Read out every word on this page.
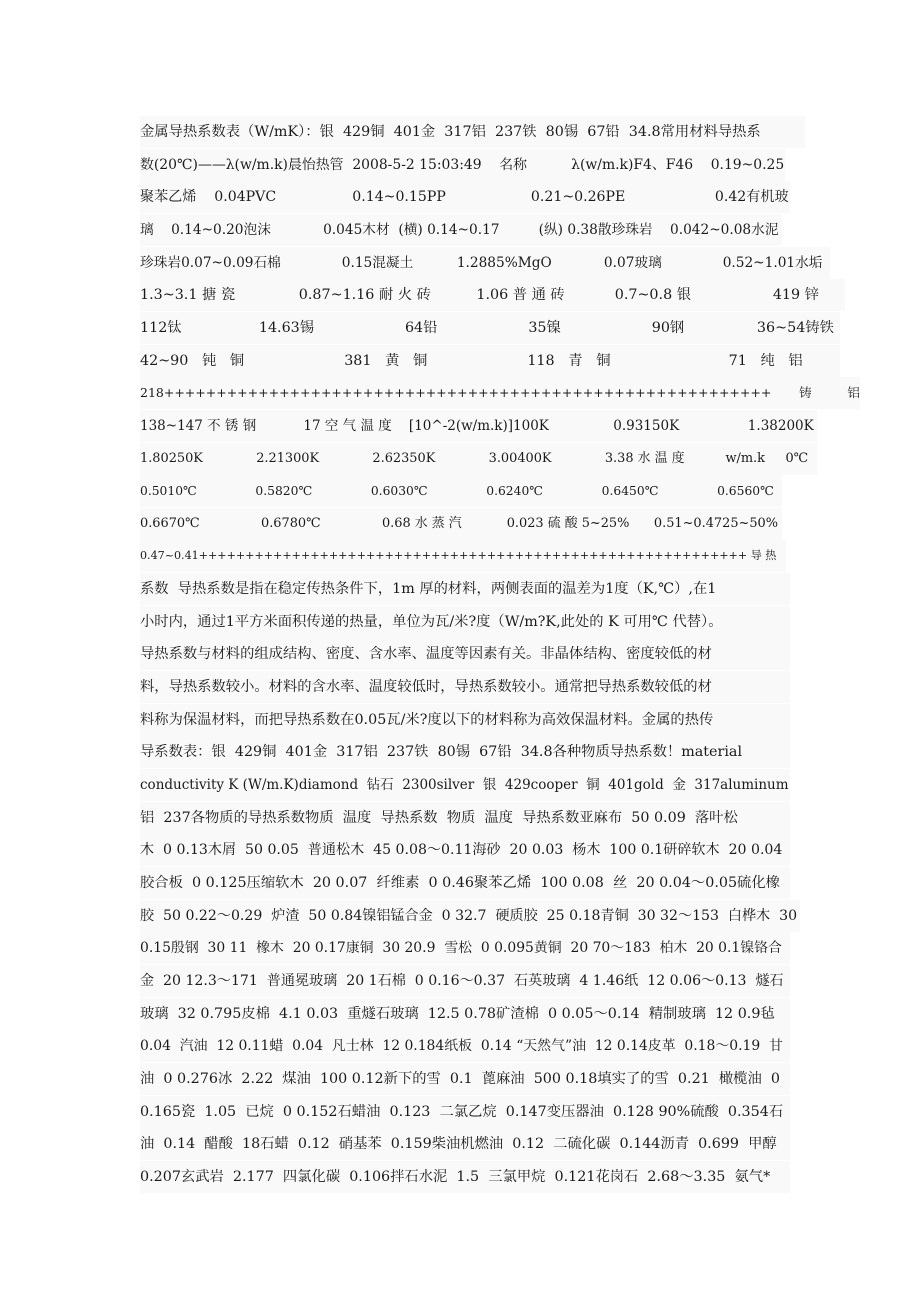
金属导热系数表（W/mK）：银  429铜  401金  317铝  237铁  80锡  67铅  34.8常用材料导热系
数(20℃)——λ(w/m.k)晨怡热管  2008-5-2 15:03:49    名称          λ(w/m.k)F4、F46    0.19~0.25
聚苯乙烯    0.04PVC                 0.14~0.15PP                   0.21~0.26PE                    0.42有机玻
璃    0.14~0.20泡沫            0.045木材  (横) 0.14~0.17         (纵) 0.38散珍珠岩    0.042~0.08水泥
珍珠岩0.07~0.09石棉              0.15混凝土          1.2885%MgO            0.07玻璃              0.52~1.01水垢
1.3~3.1 搪 瓷              0.87~1.16 耐 火 砖          1.06 普 通 砖           0.7~0.8 银                  419 锌
112钛                 14.63锡                    64铅                    35镍                    90钢                36~54铸铁
42~90   钝   铜                      381   黄   铜                      118   青   铜                          71   纯   铝
218++++++++++++++++++++++++++++++++++++++++++++++++++++++++++       铸         铝
138~147 不 锈 钢           17 空 气 温 度    [10^-2(w/m.k)]100K               0.93150K                1.38200K
1.80250K             2.21300K             2.62350K             3.00400K             3.38 水 温 度          w/m.k     0℃
0.5010℃               0.5820℃               0.6030℃               0.6240℃               0.6450℃               0.6560℃
0.6670℃               0.6780℃               0.68 水 蒸 汽           0.023 硫 酸 5~25%      0.51~0.4725~50%
0.47~0.41+++++++++++++++++++++++++++++++++++++++++++++++++++++++++++ 导 热
系数  导热系数是指在稳定传热条件下，1m 厚的材料，两侧表面的温差为1度（K,℃）,在1
小时内，通过1平方米面积传递的热量，单位为瓦/米?度（W/m?K,此处的 K 可用℃ 代替）。
导热系数与材料的组成结构、密度、含水率、温度等因素有关。非晶体结构、密度较低的材
料，导热系数较小。材料的含水率、温度较低时，导热系数较小。通常把导热系数较低的材
料称为保温材料，而把导热系数在0.05瓦/米?度以下的材料称为高效保温材料。金属的热传
导系数表：银  429铜  401金  317铝  237铁  80锡  67铅  34.8各种物质导热系数！material
conductivity K (W/m.K)diamond  钻石  2300silver  银  429cooper  铜  401gold  金  317aluminum
铝  237各物质的导热系数物质  温度  导热系数  物质  温度  导热系数亚麻布  50 0.09  落叶松
木  0 0.13木屑  50 0.05  普通松木  45 0.08～0.11海砂  20 0.03  杨木  100 0.1研碎软木  20 0.04
胶合板  0 0.125压缩软木  20 0.07  纤维素  0 0.46聚苯乙烯  100 0.08  丝  20 0.04～0.05硫化橡
胶  50 0.22～0.29  炉渣  50 0.84镍铝锰合金  0 32.7  硬质胶  25 0.18青铜  30 32～153  白桦木  30
0.15殷钢  30 11  橡木  20 0.17康铜  30 20.9  雪松  0 0.095黄铜  20 70～183  柏木  20 0.1镍铬合
金  20 12.3～171  普通冕玻璃  20 1石棉  0 0.16～0.37  石英玻璃  4 1.46纸  12 0.06～0.13  燧石
玻璃  32 0.795皮棉  4.1 0.03  重燧石玻璃  12.5 0.78矿渣棉  0 0.05～0.14  精制玻璃  12 0.9毡
0.04  汽油  12 0.11蜡  0.04  凡士林  12 0.184纸板  0.14 “天然气”油  12 0.14皮革  0.18～0.19  甘
油  0 0.276冰  2.22  煤油  100 0.12新下的雪  0.1  蓖麻油  500 0.18填实了的雪  0.21  橄榄油  0
0.165瓷  1.05  已烷  0 0.152石蜡油  0.123  二氯乙烷  0.147变压器油  0.128 90%硫酸  0.354石
油  0.14  醋酸  18石蜡  0.12  硝基苯  0.159柴油机燃油  0.12  二硫化碳  0.144沥青  0.699  甲醇
0.207玄武岩  2.177  四氯化碳  0.106拌石水泥  1.5  三氯甲烷  0.121花岗石  2.68～3.35  氨气*
